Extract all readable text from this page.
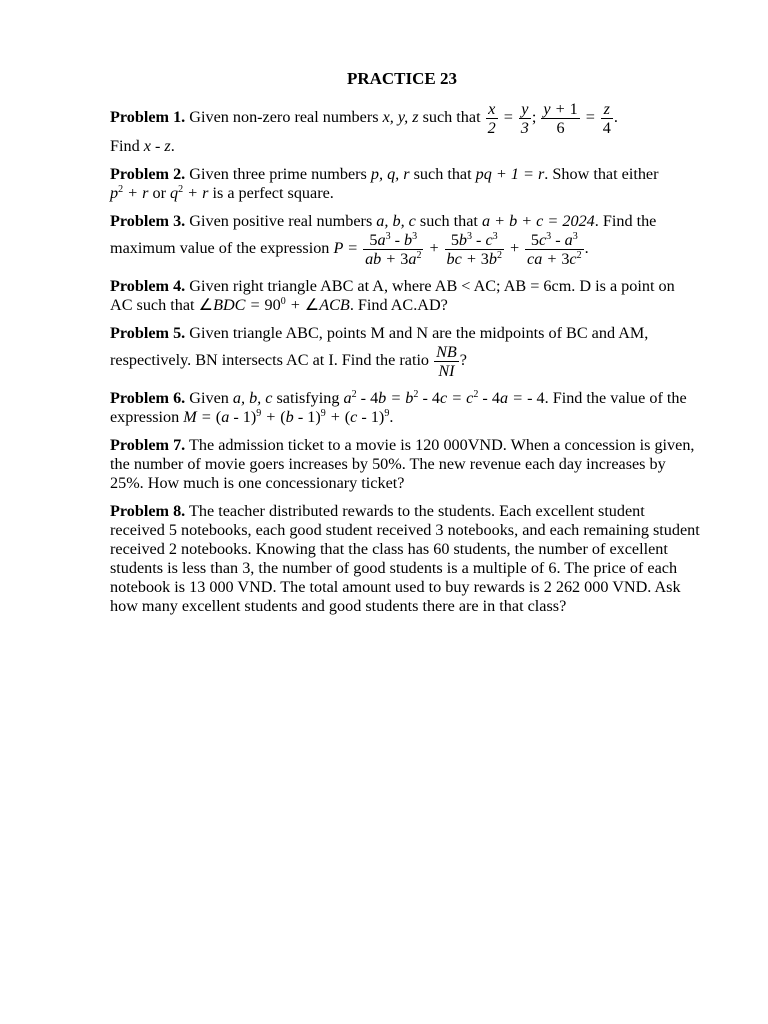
PRACTICE 23
Problem 1. Given non-zero real numbers x, y, z such that $\frac{x}{2} = \frac{y}{3}$ ; $\frac{y + 1}{6} = \frac{z}{4}$ .
Find x - z.
Problem 2. Given three prime numbers p, q, r such that pq + 1 = r. Show that either $p^2 + r$ or $q^2 + r$ is a perfect square.
Problem 3. Given positive real numbers a, b, c such that a + b + c = 2024. Find the maximum value of the expression $P = \frac{5a^3 - b^3}{ab + 3a^2} + \frac{5b^3 - c^3}{bc + 3b^2} + \frac{5c^3 - a^3}{ca + 3c^2}$ .
Problem 4. Given right triangle ABC at A, where AB < AC; AB = 6cm. D is a point on AC such that ∠BDC = $90^0$ + ∠ACB. Find AC.AD?
Problem 5. Given triangle ABC, points M and N are the midpoints of BC and AM, respectively. BN intersects AC at I. Find the ratio $\frac{NB}{NI}$ ?
Problem 6. Given a, b, c satisfying $a^2 - 4b = b^2 - 4c = c^2 - 4a$ = - 4. Find the value of the expression M = (a - 1)$^9$ + (b - 1)$^9$ + (c - 1)$^9$.
Problem 7. The admission ticket to a movie is 120 000VND. When a concession is given, the number of movie goers increases by 50%. The new revenue each day increases by 25%. How much is one concessionary ticket?
Problem 8. The teacher distributed rewards to the students. Each excellent student received 5 notebooks, each good student received 3 notebooks, and each remaining student received 2 notebooks. Knowing that the class has 60 students, the number of excellent students is less than 3, the number of good students is a multiple of 6. The price of each notebook is 13 000 VND. The total amount used to buy rewards is 2 262 000 VND. Ask how many excellent students and good students there are in that class?
